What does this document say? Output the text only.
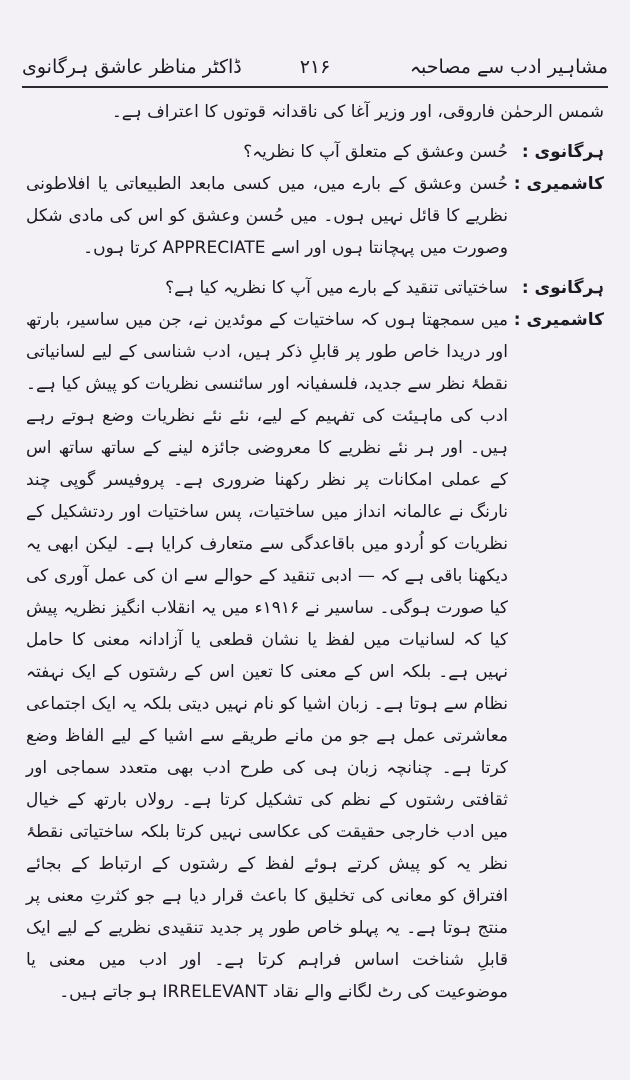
مشاہیر ادب سے مصاحبہ
۲۱۶
ڈاکٹر مناظر عاشق ہرگانوی
شمس الرحمٰن فاروقی، اور وزیر آغا کی ناقدانہ قوتوں کا اعتراف ہے۔
ہرگانوی :
حُسن وعشق کے متعلق آپ کا نظریہ؟
کاشمیری :
حُسن وعشق کے بارے میں، میں کسی مابعد الطبیعاتی یا افلاطونی نظریے کا قائل نہیں ہوں۔ میں حُسن وعشق کو اس کی مادی شکل وصورت میں پہچانتا ہوں اور اسے APPRECIATE کرتا ہوں۔
ہرگانوی :
ساختیاتی تنقید کے بارے میں آپ کا نظریہ کیا ہے؟
کاشمیری :
میں سمجھتا ہوں کہ ساختیات کے موئدین نے، جن میں ساسیر، بارتھ اور دریدا خاص طور پر قابلِ ذکر ہیں، ادب شناسی کے لیے لسانیاتی نقطۂ نظر سے جدید، فلسفیانہ اور سائنسی نظریات کو پیش کیا ہے۔ ادب کی ماہیئت کی تفہیم کے لیے، نئے نئے نظریات وضع ہوتے رہے ہیں۔ اور ہر نئے نظریے کا معروضی جائزہ لینے کے ساتھ ساتھ اس کے عملی امکانات پر نظر رکھنا ضروری ہے۔ پروفیسر گوپی چند نارنگ نے عالمانہ انداز میں ساختیات، پس ساختیات اور ردتشکیل کے نظریات کو اُردو میں باقاعدگی سے متعارف کرایا ہے۔ لیکن ابھی یہ دیکھنا باقی ہے کہ — ادبی تنقید کے حوالے سے ان کی عمل آوری کی کیا صورت ہوگی۔ ساسیر نے ۱۹۱۶ء میں یہ انقلاب انگیز نظریہ پیش کیا کہ لسانیات میں لفظ یا نشان قطعی یا آزادانہ معنی کا حامل نہیں ہے۔ بلکہ اس کے معنی کا تعین اس کے رشتوں کے ایک نہفتہ نظام سے ہوتا ہے۔ زبان اشیا کو نام نہیں دیتی بلکہ یہ ایک اجتماعی معاشرتی عمل ہے جو من مانے طریقے سے اشیا کے لیے الفاظ وضع کرتا ہے۔ چنانچہ زبان ہی کی طرح ادب بھی متعدد سماجی اور ثقافتی رشتوں کے نظم کی تشکیل کرتا ہے۔ رولاں بارتھ کے خیال میں ادب خارجی حقیقت کی عکاسی نہیں کرتا بلکہ ساختیاتی نقطۂ نظر یہ کو پیش کرتے ہوئے لفظ کے رشتوں کے ارتباط کے بجائے افتراق کو معانی کی تخلیق کا باعث قرار دیا ہے جو کثرتِ معنی پر منتج ہوتا ہے۔ یہ پہلو خاص طور پر جدید تنقیدی نظریے کے لیے ایک قابلِ شناخت اساس فراہم کرتا ہے۔ اور ادب میں معنی یا موضوعیت کی رٹ لگانے والے نقاد IRRELEVANT ہو جاتے ہیں۔
